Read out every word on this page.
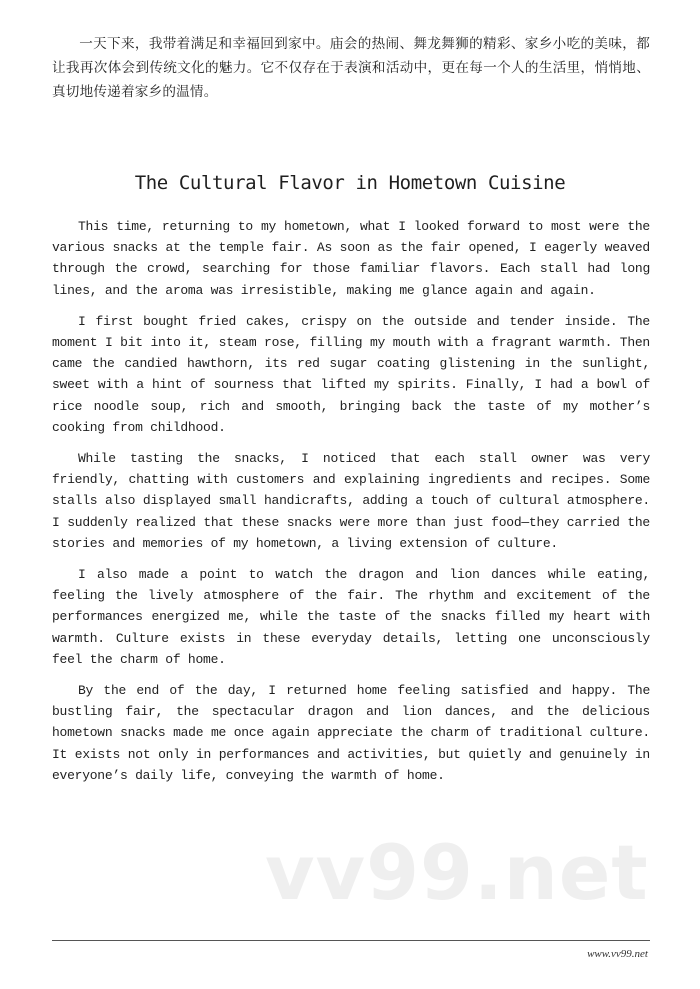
一天下来，我带着满足和幸福回到家中。庙会的热闹、舞龙舞狮的精彩、家乡小吃的美味，都让我再次体会到传统文化的魅力。它不仅存在于表演和活动中，更在每一个人的生活里，悄悄地、真切地传递着家乡的温情。

The Cultural Flavor in Hometown Cuisine

This time, returning to my hometown, what I looked forward to most were the various snacks at the temple fair. As soon as the fair opened, I eagerly weaved through the crowd, searching for those familiar flavors. Each stall had long lines, and the aroma was irresistible, making me glance again and again.

I first bought fried cakes, crispy on the outside and tender inside. The moment I bit into it, steam rose, filling my mouth with a fragrant warmth. Then came the candied hawthorn, its red sugar coating glistening in the sunlight, sweet with a hint of sourness that lifted my spirits. Finally, I had a bowl of rice noodle soup, rich and smooth, bringing back the taste of my mother’s cooking from childhood.

While tasting the snacks, I noticed that each stall owner was very friendly, chatting with customers and explaining ingredients and recipes. Some stalls also displayed small handicrafts, adding a touch of cultural atmosphere. I suddenly realized that these snacks were more than just food—they carried the stories and memories of my hometown, a living extension of culture.

I also made a point to watch the dragon and lion dances while eating, feeling the lively atmosphere of the fair. The rhythm and excitement of the performances energized me, while the taste of the snacks filled my heart with warmth. Culture exists in these everyday details, letting one unconsciously feel the charm of home.

By the end of the day, I returned home feeling satisfied and happy. The bustling fair, the spectacular dragon and lion dances, and the delicious hometown snacks made me once again appreciate the charm of traditional culture. It exists not only in performances and activities, but quietly and genuinely in everyone’s daily life, conveying the warmth of home.

vv99.net
www.vv99.net
